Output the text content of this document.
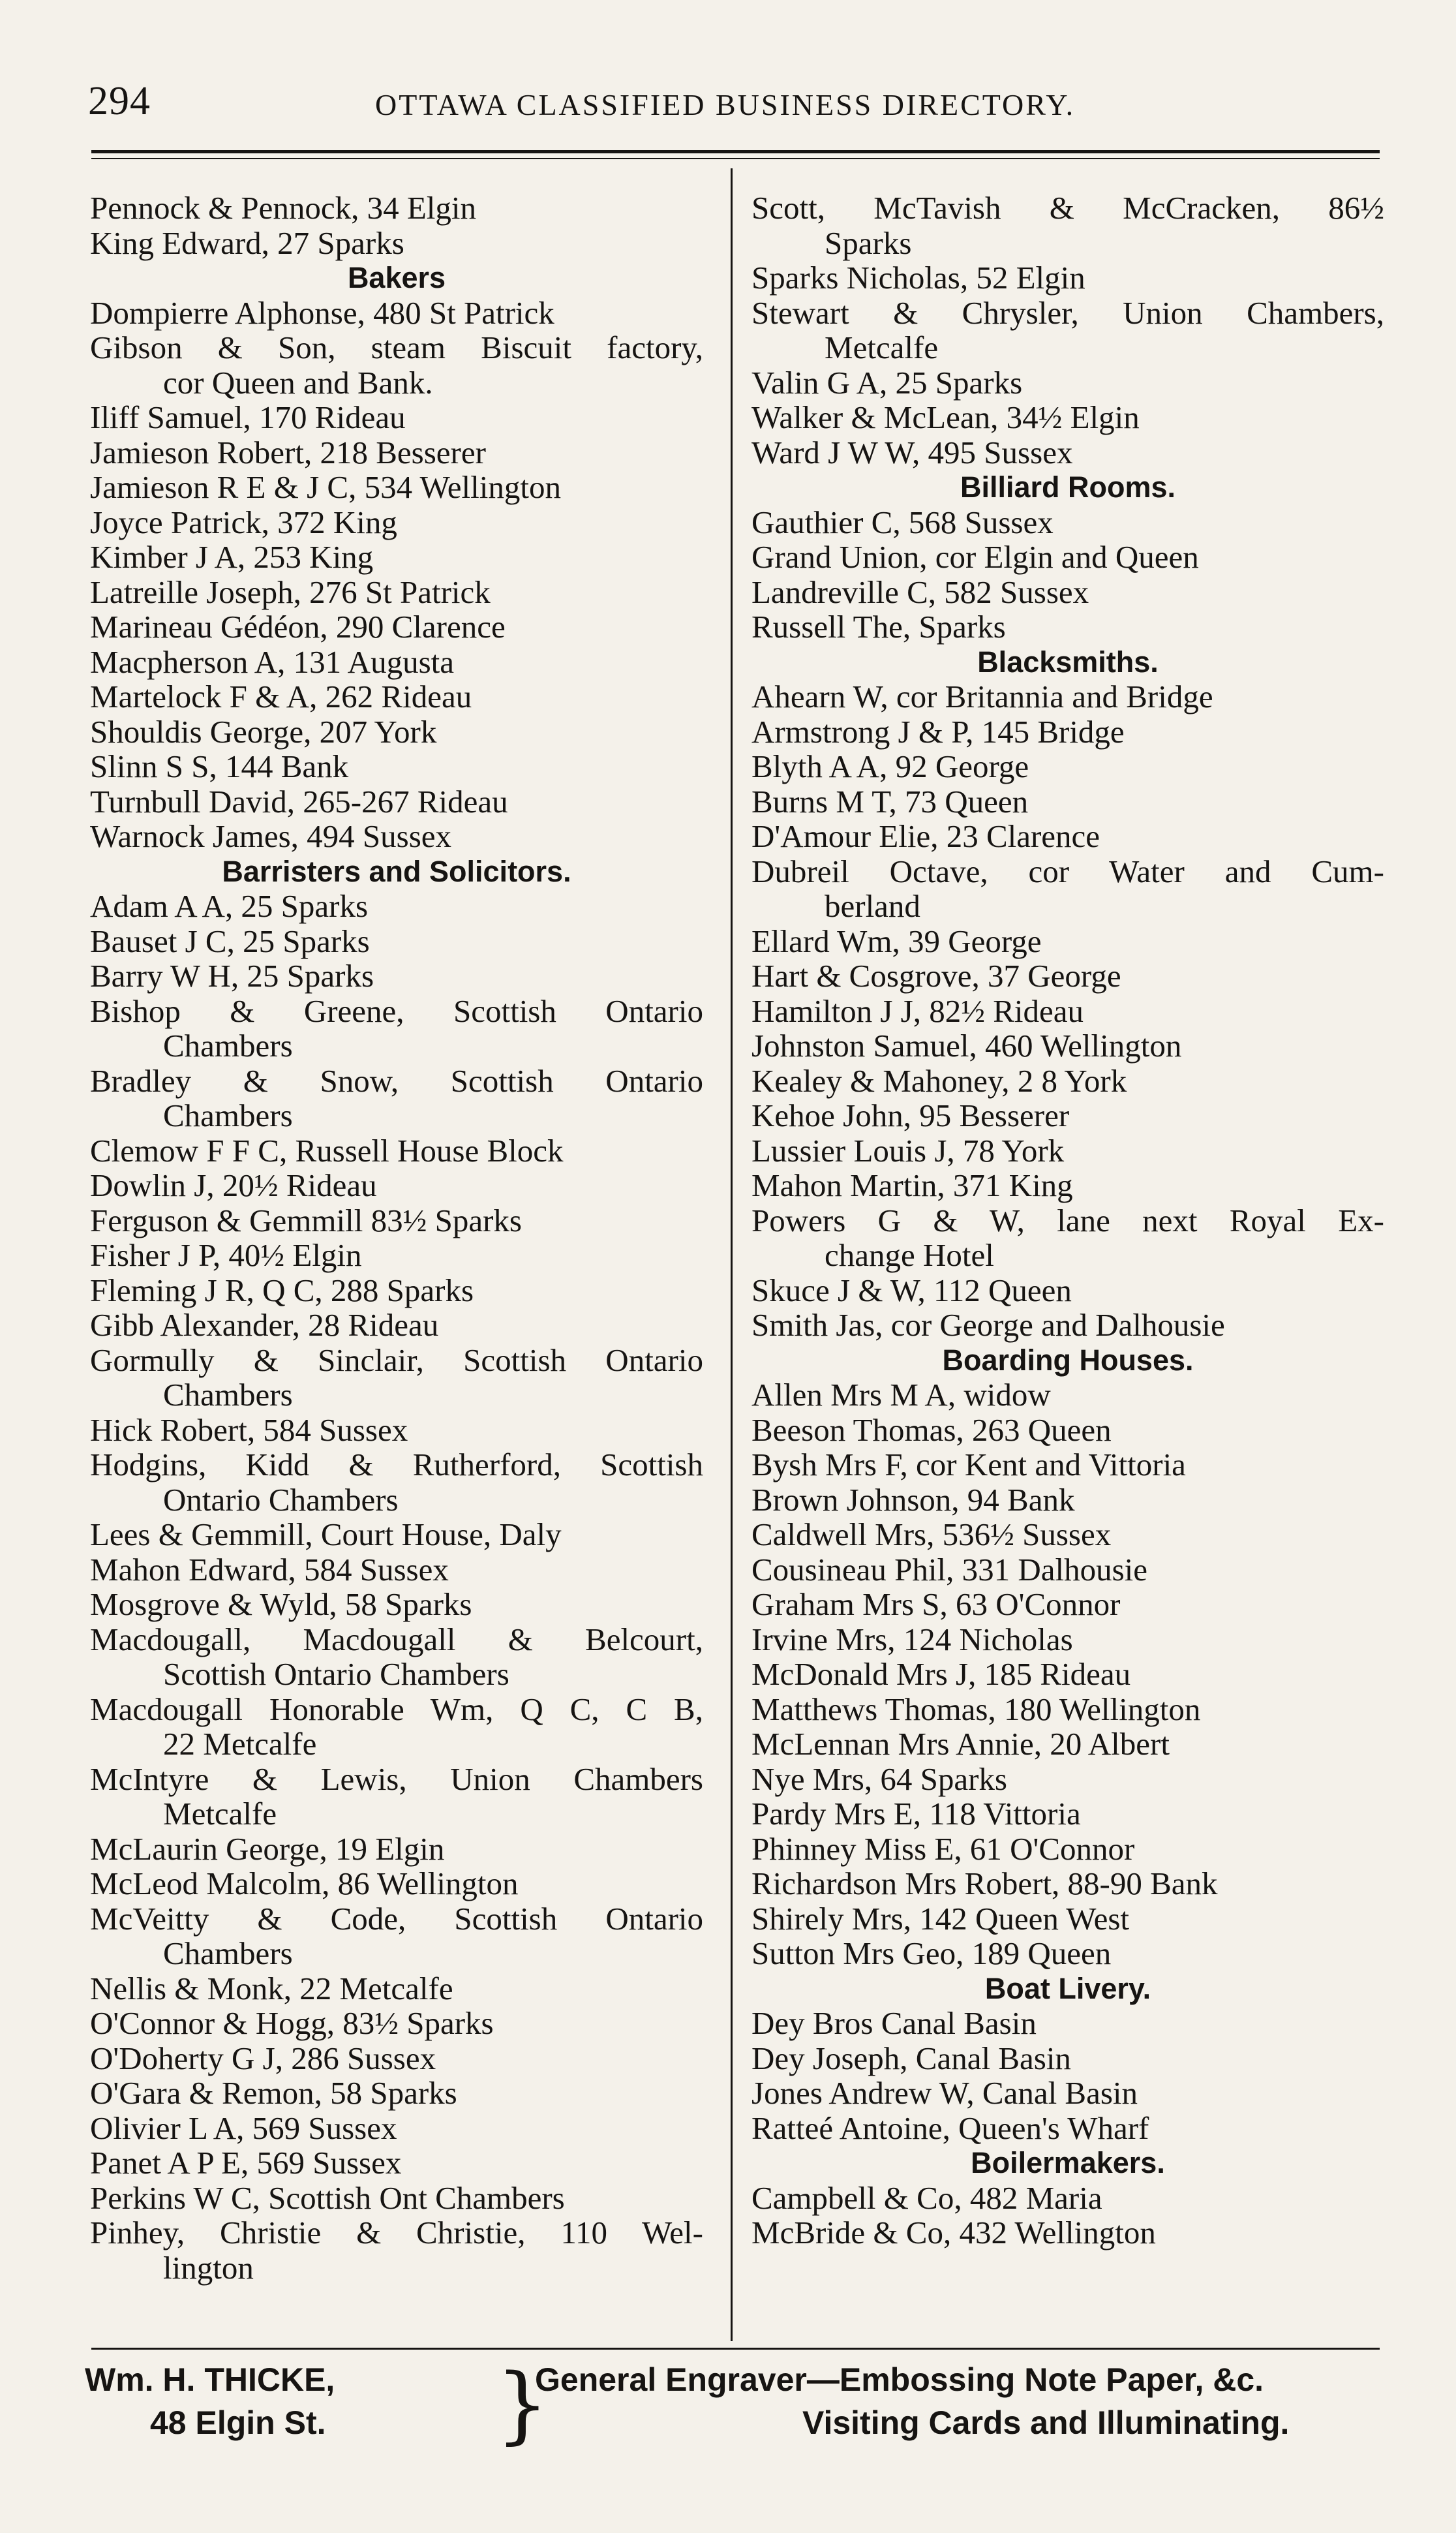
294	OTTAWA CLASSIFIED BUSINESS DIRECTORY.
Pennock & Pennock, 34 Elgin
King Edward, 27 Sparks
Bakers
Dompierre Alphonse, 480 St Patrick
Gibson & Son, steam Biscuit factory,
cor Queen and Bank.
Iliff Samuel, 170 Rideau
Jamieson Robert, 218 Besserer
Jamieson R E & J C, 534 Wellington
Joyce Patrick, 372 King
Kimber J A, 253 King
Latreille Joseph, 276 St Patrick
Marineau Gédéon, 290 Clarence
Macpherson A, 131 Augusta
Martelock F & A, 262 Rideau
Shouldis George, 207 York
Slinn S S, 144 Bank
Turnbull David, 265-267 Rideau
Warnock James, 494 Sussex
Barristers and Solicitors.
Adam A A, 25 Sparks
Bauset J C, 25 Sparks
Barry W H, 25 Sparks
Bishop & Greene, Scottish Ontario
Chambers
Bradley & Snow, Scottish Ontario
Chambers
Clemow F F C, Russell House Block
Dowlin J, 20½ Rideau
Ferguson & Gemmill 83½ Sparks
Fisher J P, 40½ Elgin
Fleming J R, Q C, 288 Sparks
Gibb Alexander, 28 Rideau
Gormully & Sinclair, Scottish Ontario
Chambers
Hick Robert, 584 Sussex
Hodgins, Kidd & Rutherford, Scottish
Ontario Chambers
Lees & Gemmill, Court House, Daly
Mahon Edward, 584 Sussex
Mosgrove & Wyld, 58 Sparks
Macdougall, Macdougall & Belcourt,
Scottish Ontario Chambers
Macdougall Honorable Wm, Q C, C B,
22 Metcalfe
McIntyre & Lewis, Union Chambers
Metcalfe
McLaurin George, 19 Elgin
McLeod Malcolm, 86 Wellington
McVeitty & Code, Scottish Ontario
Chambers
Nellis & Monk, 22 Metcalfe
O'Connor & Hogg, 83½ Sparks
O'Doherty G J, 286 Sussex
O'Gara & Remon, 58 Sparks
Olivier L A, 569 Sussex
Panet A P E, 569 Sussex
Perkins W C, Scottish Ont Chambers
Pinhey, Christie & Christie, 110 Wel-
lington
Scott, McTavish & McCracken, 86½
Sparks
Sparks Nicholas, 52 Elgin
Stewart & Chrysler, Union Chambers,
Metcalfe
Valin G A, 25 Sparks
Walker & McLean, 34½ Elgin
Ward J W W, 495 Sussex
Billiard Rooms.
Gauthier C, 568 Sussex
Grand Union, cor Elgin and Queen
Landreville C, 582 Sussex
Russell The, Sparks
Blacksmiths.
Ahearn W, cor Britannia and Bridge
Armstrong J & P, 145 Bridge
Blyth A A, 92 George
Burns M T, 73 Queen
D'Amour Elie, 23 Clarence
Dubreil Octave, cor Water and Cum-
berland
Ellard Wm, 39 George
Hart & Cosgrove, 37 George
Hamilton J J, 82½ Rideau
Johnston Samuel, 460 Wellington
Kealey & Mahoney, 2 8 York
Kehoe John, 95 Besserer
Lussier Louis J, 78 York
Mahon Martin, 371 King
Powers G & W, lane next Royal Ex-
change Hotel
Skuce J & W, 112 Queen
Smith Jas, cor George and Dalhousie
Boarding Houses.
Allen Mrs M A, widow
Beeson Thomas, 263 Queen
Bysh Mrs F, cor Kent and Vittoria
Brown Johnson, 94 Bank
Caldwell Mrs, 536½ Sussex
Cousineau Phil, 331 Dalhousie
Graham Mrs S, 63 O'Connor
Irvine Mrs, 124 Nicholas
McDonald Mrs J, 185 Rideau
Matthews Thomas, 180 Wellington
McLennan Mrs Annie, 20 Albert
Nye Mrs, 64 Sparks
Pardy Mrs E, 118 Vittoria
Phinney Miss E, 61 O'Connor
Richardson Mrs Robert, 88-90 Bank
Shirely Mrs, 142 Queen West
Sutton Mrs Geo, 189 Queen
Boat Livery.
Dey Bros Canal Basin
Dey Joseph, Canal Basin
Jones Andrew W, Canal Basin
Ratteé Antoine, Queen's Wharf
Boilermakers.
Campbell & Co, 482 Maria
McBride & Co, 432 Wellington
Wm. H. THICKE,
48 Elgin St. }
General Engraver—Embossing Note Paper, &c.
Visiting Cards and Illuminating.
